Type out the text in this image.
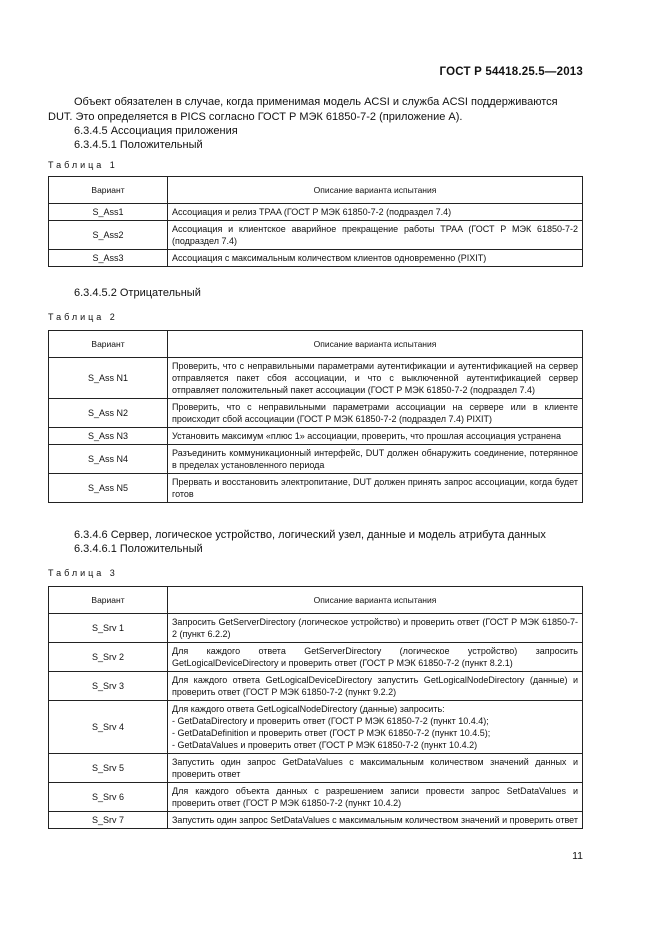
ГОСТ Р 54418.25.5—2013
Объект обязателен в случае, когда применимая модель ACSI и служба ACSI поддерживаются DUT. Это определяется в PICS согласно ГОСТ Р МЭК 61850-7-2 (приложение А).
6.3.4.5 Ассоциация приложения
6.3.4.5.1 Положительный
Таблица 1
Вариант	Описание варианта испытания
S_Ass1	Ассоциация и релиз TPAA (ГОСТ Р МЭК 61850-7-2 (подраздел 7.4)
S_Ass2	Ассоциация и клиентское аварийное прекращение работы TPAA (ГОСТ Р МЭК 61850-7-2 (подраздел 7.4)
S_Ass3	Ассоциация с максимальным количеством клиентов одновременно (PIXIT)
6.3.4.5.2 Отрицательный
Таблица 2
Вариант	Описание варианта испытания
S_Ass N1	Проверить, что с неправильными параметрами аутентификации и аутентификацией на сервер отправляется пакет сбоя ассоциации, и что с выключенной аутентификацией сервер отправляет положительный пакет ассоциации (ГОСТ Р МЭК 61850-7-2 (подраздел 7.4)
S_Ass N2	Проверить, что с неправильными параметрами ассоциации на сервере или в клиенте происходит сбой ассоциации (ГОСТ Р МЭК 61850-7-2 (подраздел 7.4) PIXIT)
S_Ass N3	Установить максимум «плюс 1» ассоциации, проверить, что прошлая ассоциация устранена
S_Ass N4	Разъединить коммуникационный интерфейс, DUT должен обнаружить соединение, потерянное в пределах установленного периода
S_Ass N5	Прервать и восстановить электропитание, DUT должен принять запрос ассоциации, когда будет готов
6.3.4.6 Сервер, логическое устройство, логический узел, данные и модель атрибута данных
6.3.4.6.1 Положительный
Таблица 3
Вариант	Описание варианта испытания
S_Srv 1	Запросить GetServerDirectory (логическое устройство) и проверить ответ (ГОСТ Р МЭК 61850-7-2 (пункт 6.2.2)
S_Srv 2	Для каждого ответа GetServerDirectory (логическое устройство) запросить GetLogicalDeviceDirectory и проверить ответ (ГОСТ Р МЭК 61850-7-2 (пункт 8.2.1)
S_Srv 3	Для каждого ответа GetLogicalDeviceDirectory запустить GetLogicalNodeDirectory (данные) и проверить ответ (ГОСТ Р МЭК 61850-7-2 (пункт 9.2.2)
S_Srv 4	Для каждого ответа GetLogicalNodeDirectory (данные) запросить:
- GetDataDirectory и проверить ответ (ГОСТ Р МЭК 61850-7-2 (пункт 10.4.4);
- GetDataDefinition и проверить ответ (ГОСТ Р МЭК 61850-7-2 (пункт 10.4.5);
- GetDataValues и проверить ответ (ГОСТ Р МЭК 61850-7-2 (пункт 10.4.2)
S_Srv 5	Запустить один запрос GetDataValues с максимальным количеством значений данных и проверить ответ
S_Srv 6	Для каждого объекта данных с разрешением записи провести запрос SetDataValues и проверить ответ (ГОСТ Р МЭК 61850-7-2 (пункт 10.4.2)
S_Srv 7	Запустить один запрос SetDataValues с максимальным количеством значений и проверить ответ
11
